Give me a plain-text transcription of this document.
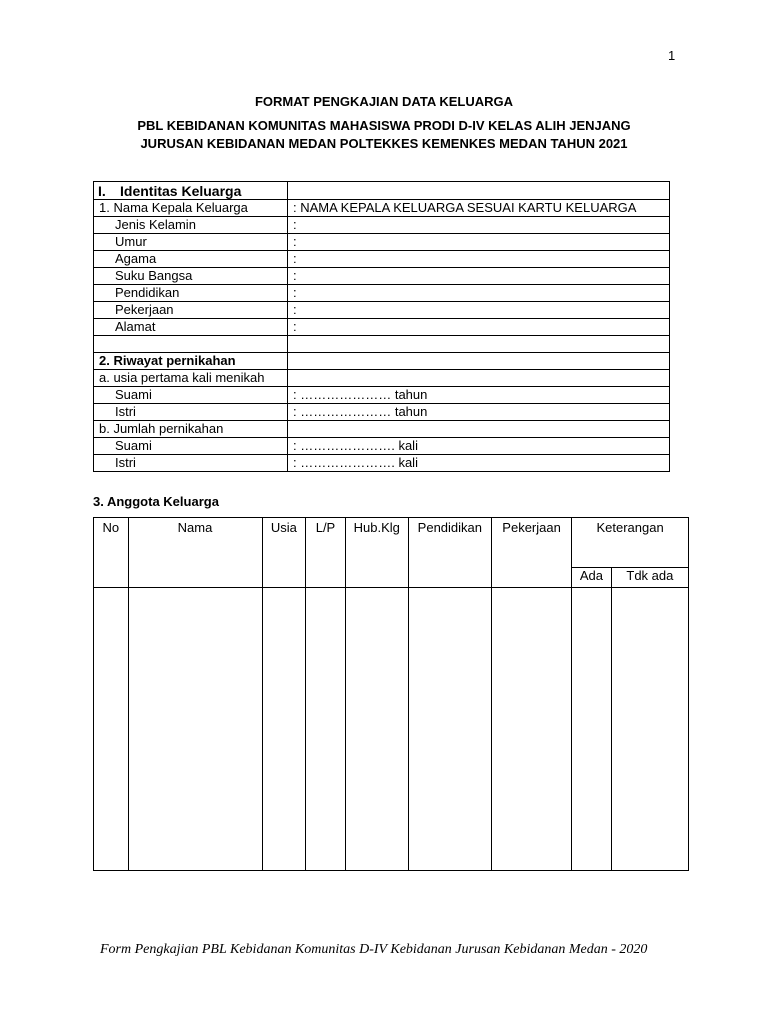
1
FORMAT PENGKAJIAN DATA KELUARGA
PBL KEBIDANAN KOMUNITAS MAHASISWA PRODI D-IV KELAS ALIH JENJANG
JURUSAN KEBIDANAN MEDAN POLTEKKES KEMENKES MEDAN TAHUN 2021
I. Identitas Keluarga	
1. Nama Kepala Keluarga	: NAMA KEPALA KELUARGA SESUAI KARTU KELUARGA
Jenis Kelamin	:
Umur	:
Agama	:
Suku Bangsa	:
Pendidikan	:
Pekerjaan	:
Alamat	:

2. Riwayat pernikahan	
a. usia pertama kali menikah	
Suami	: ………………… tahun
Istri	: ………………… tahun
b. Jumlah pernikahan	
Suami	: …………………. kali
Istri	: …………………. kali
3. Anggota Keluarga
No	Nama	Usia	L/P	Hub.Klg	Pendidikan	Pekerjaan	Keterangan	
							Ada	Tdk ada

Form Pengkajian PBL Kebidanan Komunitas D-IV Kebidanan Jurusan Kebidanan Medan - 2020
